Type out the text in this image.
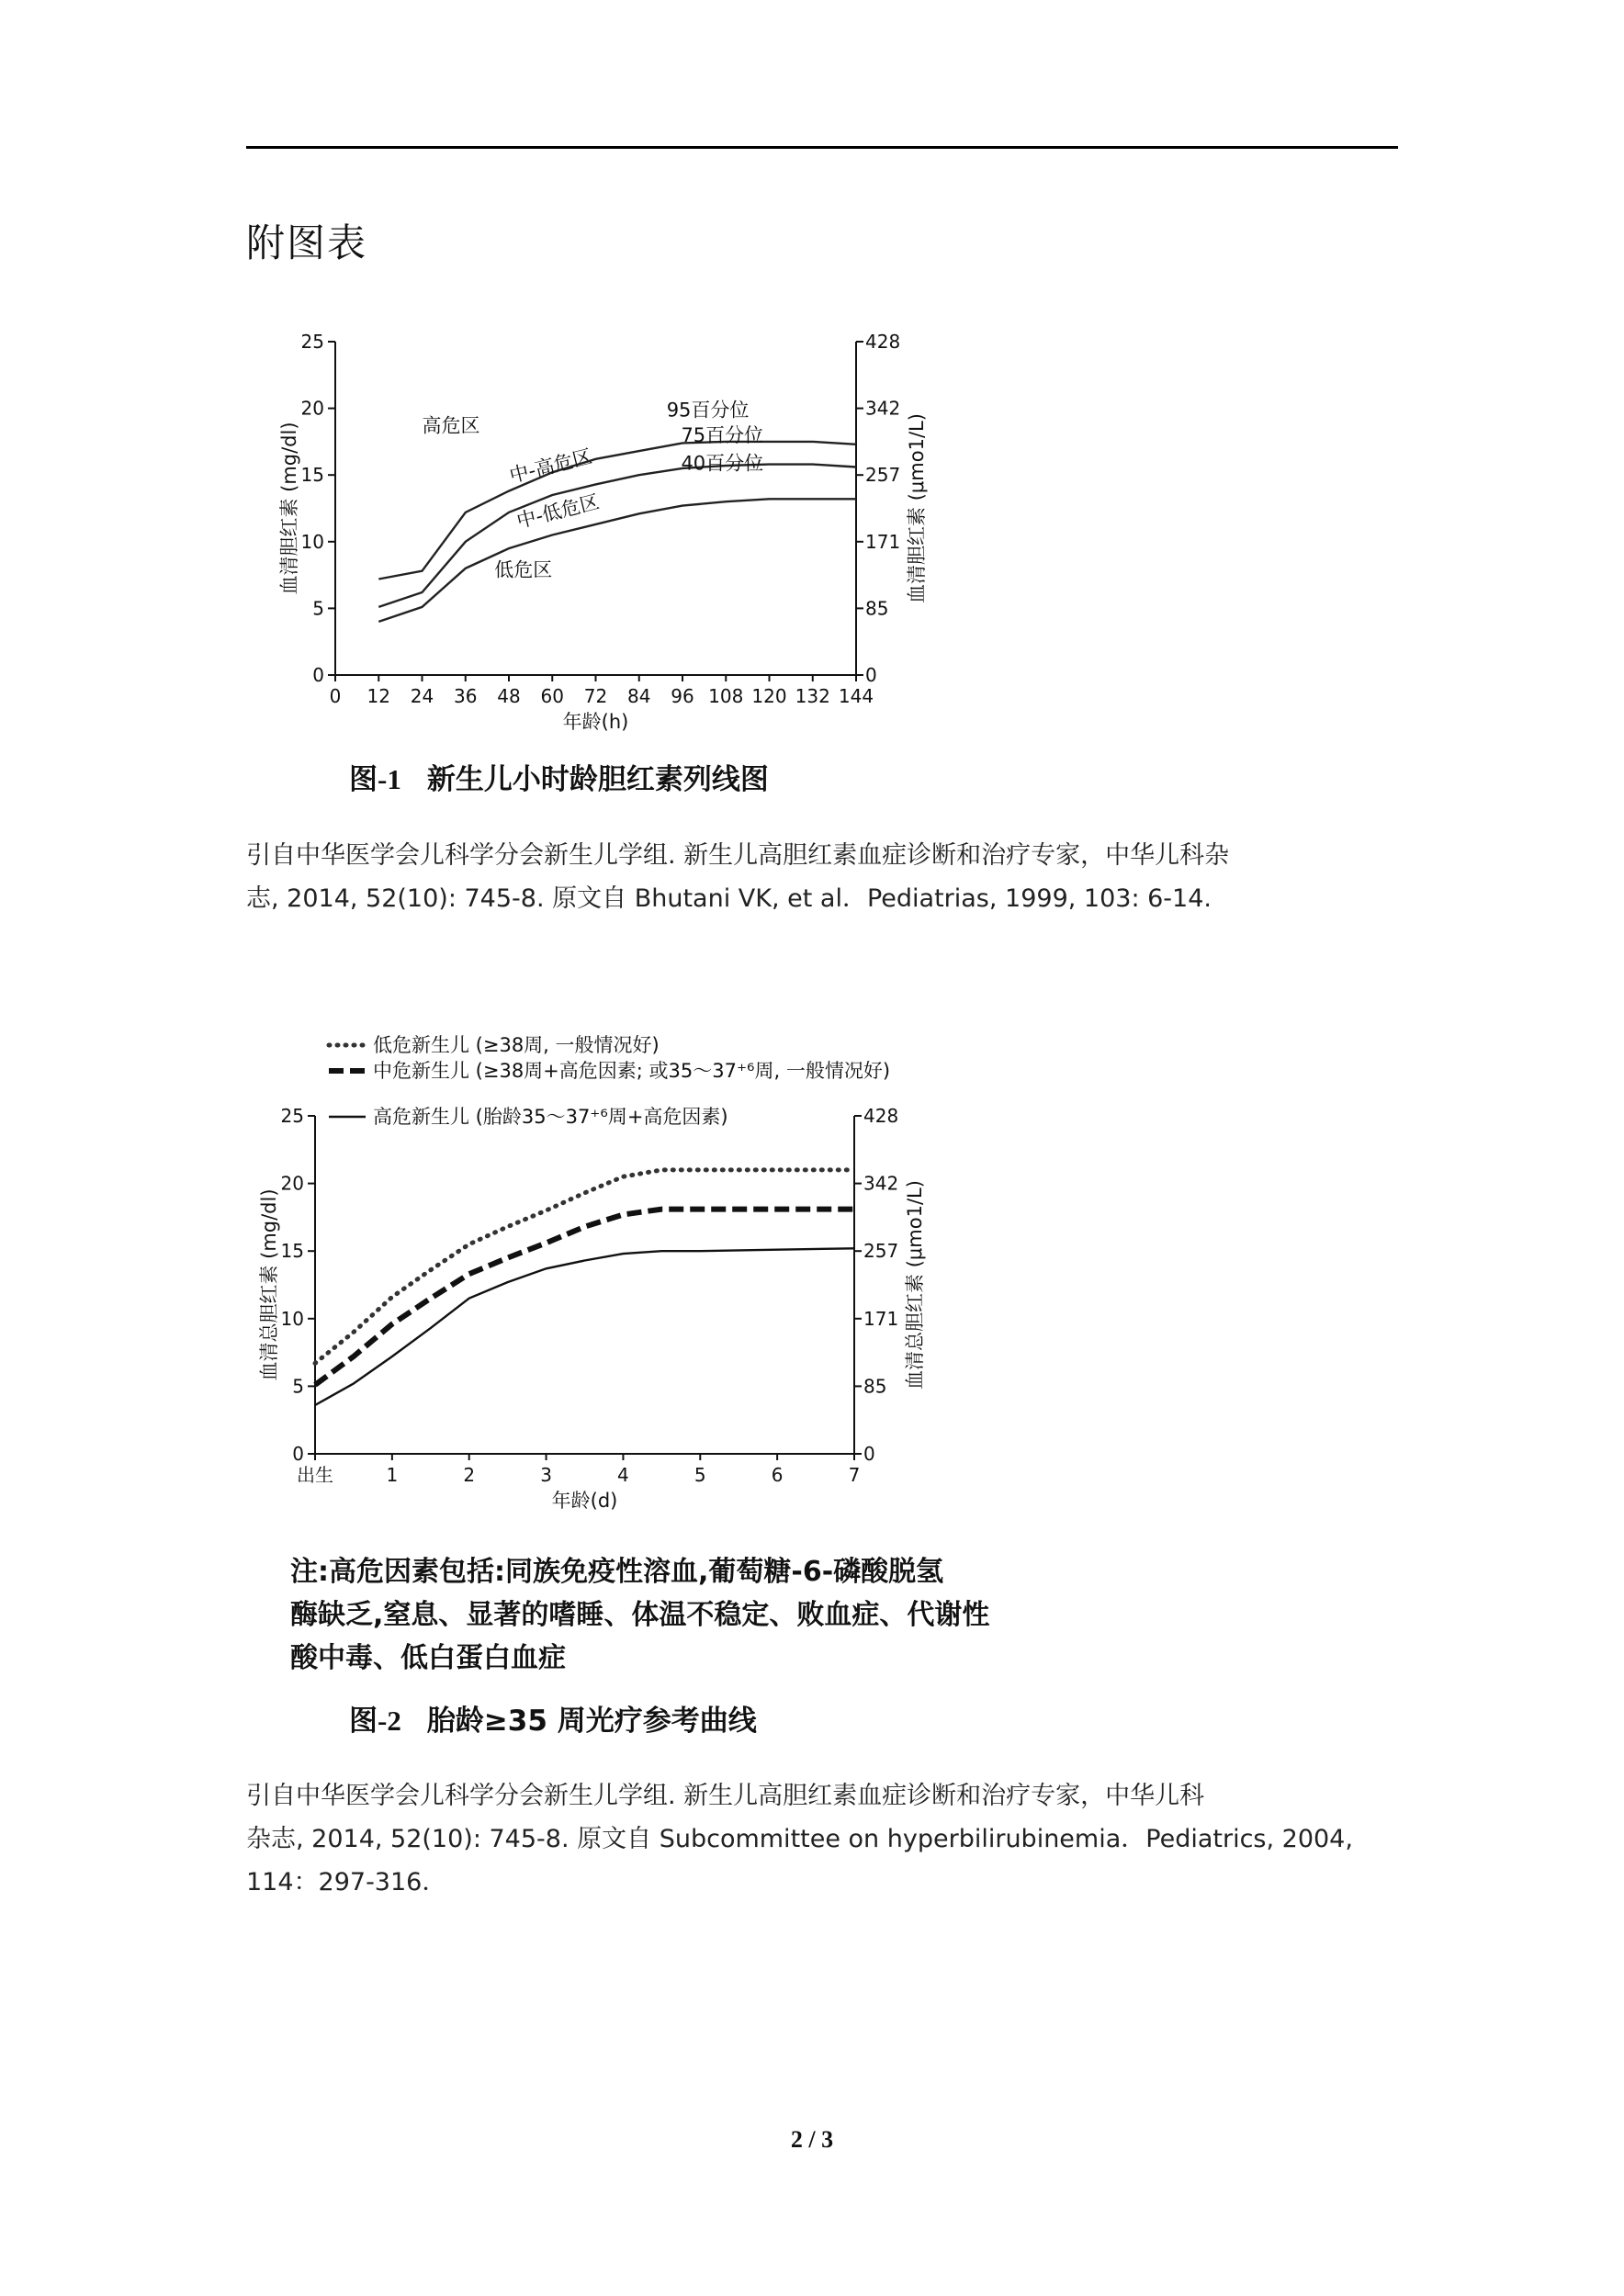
附图表
0	0
5	85
10	171
15	257
20	342
25	428
0 12 24 36 48 60 72 84 96 108 120 132 144
年龄(h)
血清胆红素 (mg/dl)	血清胆红素 (μmo1/L)
95百分位
75百分位
40百分位
高危区
中-高危区
中-低危区
低危区
图-1 新生儿小时龄胆红素列线图
引自中华医学会儿科学分会新生儿学组. 新生儿高胆红素血症诊断和治疗专家，中华儿科杂
志, 2014, 52(10): 745-8. 原文自 Bhutani VK, et al．Pediatrias, 1999, 103: 6-14.
0	0
5	85
10	171
15	257
20	342
25	428
出生	1	2	3	4	5	6	7
年龄(d)
血清总胆红素 (mg/dl)	血清总胆红素 (μmo1/L)
低危新生儿 (≥38周, 一般情况好)
中危新生儿 (≥38周+高危因素; 或35～37⁺⁶周, 一般情况好)
高危新生儿 (胎龄35～37⁺⁶周+高危因素)
注:高危因素包括:同族免疫性溶血,葡萄糖-6-磷酸脱氢
酶缺乏,窒息、显著的嗜睡、体温不稳定、败血症、代谢性
酸中毒、低白蛋白血症
图-2 胎龄≥35 周光疗参考曲线
引自中华医学会儿科学分会新生儿学组. 新生儿高胆红素血症诊断和治疗专家，中华儿科
杂志, 2014, 52(10): 745-8. 原文自 Subcommittee on hyperbilirubinemia．Pediatrics, 2004,
114：297-316．
2 / 3
